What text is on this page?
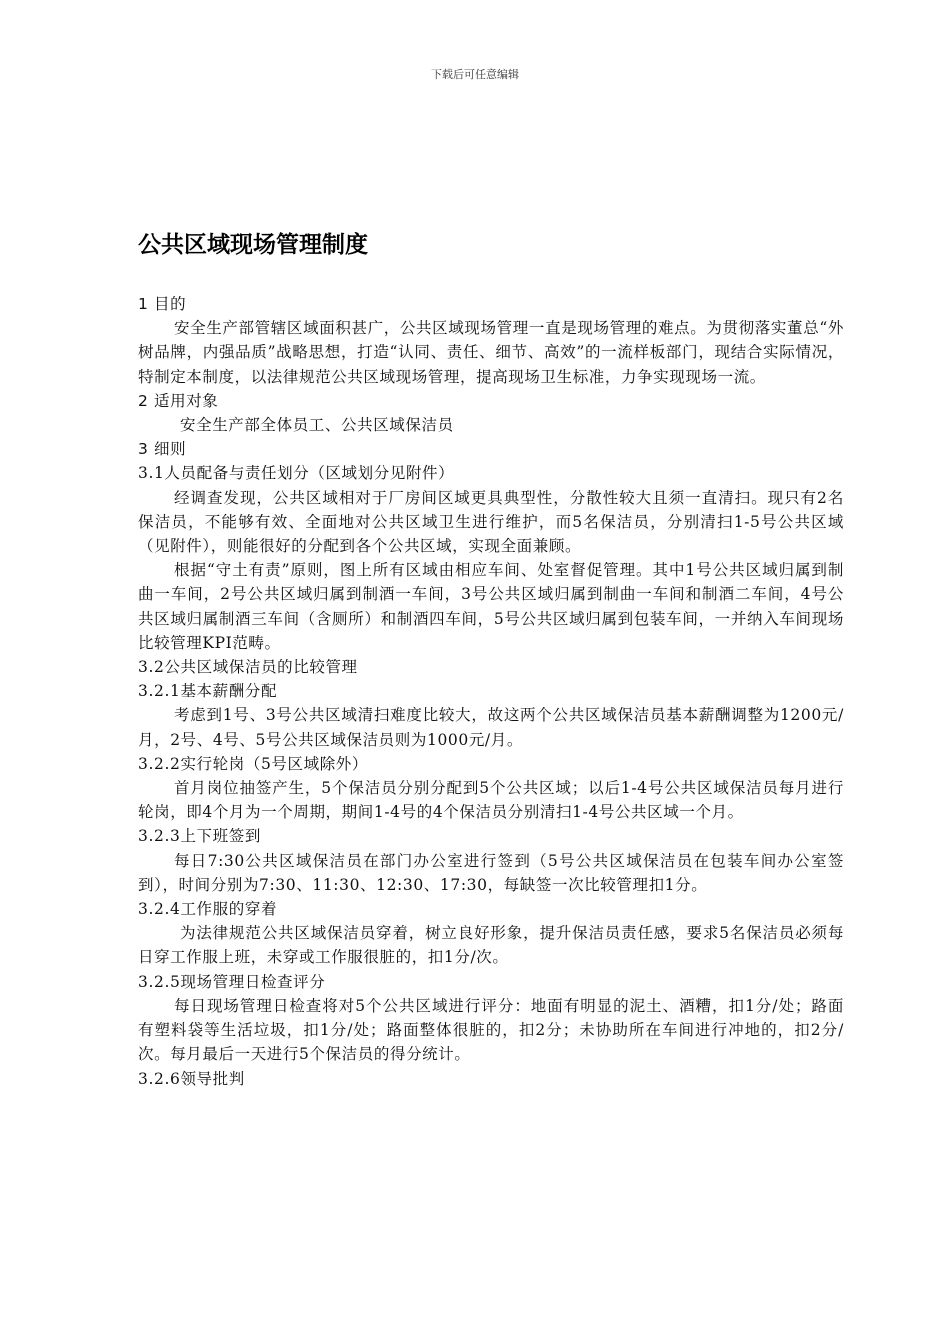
下载后可任意编辑
公共区域现场管理制度

1 目的

安全生产部管辖区域面积甚广，公共区域现场管理一直是现场管理的难点。为贯彻落实董总“外树品牌，内强品质”战略思想，打造“认同、责任、细节、高效”的一流样板部门，现结合实际情况，特制定本制度，以法律规范公共区域现场管理，提高现场卫生标准，力争实现现场一流。

2 适用对象

安全生产部全体员工、公共区域保洁员

3 细则

3.1人员配备与责任划分（区域划分见附件）

经调查发现，公共区域相对于厂房间区域更具典型性，分散性较大且须一直清扫。现只有2名保洁员，不能够有效、全面地对公共区域卫生进行维护，而5名保洁员，分别清扫1-5号公共区域（见附件），则能很好的分配到各个公共区域，实现全面兼顾。

根据“守土有责”原则，图上所有区域由相应车间、处室督促管理。其中1号公共区域归属到制曲一车间，2号公共区域归属到制酒一车间，3号公共区域归属到制曲一车间和制酒二车间，4号公共区域归属制酒三车间（含厕所）和制酒四车间，5号公共区域归属到包装车间，一并纳入车间现场比较管理KPI范畴。

3.2公共区域保洁员的比较管理

3.2.1基本薪酬分配

考虑到1号、3号公共区域清扫难度比较大，故这两个公共区域保洁员基本薪酬调整为1200元/月，2号、4号、5号公共区域保洁员则为1000元/月。

3.2.2实行轮岗（5号区域除外）

首月岗位抽签产生，5个保洁员分别分配到5个公共区域；以后1-4号公共区域保洁员每月进行轮岗，即4个月为一个周期，期间1-4号的4个保洁员分别清扫1-4号公共区域一个月。

3.2.3上下班签到

每日7:30公共区域保洁员在部门办公室进行签到（5号公共区域保洁员在包装车间办公室签到），时间分别为7:30、11:30、12:30、17:30，每缺签一次比较管理扣1分。

3.2.4工作服的穿着

为法律规范公共区域保洁员穿着，树立良好形象，提升保洁员责任感，要求5名保洁员必须每日穿工作服上班，未穿或工作服很脏的，扣1分/次。

3.2.5现场管理日检查评分

每日现场管理日检查将对5个公共区域进行评分：地面有明显的泥土、酒糟，扣1分/处；路面有塑料袋等生活垃圾，扣1分/处；路面整体很脏的，扣2分；未协助所在车间进行冲地的，扣2分/次。每月最后一天进行5个保洁员的得分统计。

3.2.6领导批判
